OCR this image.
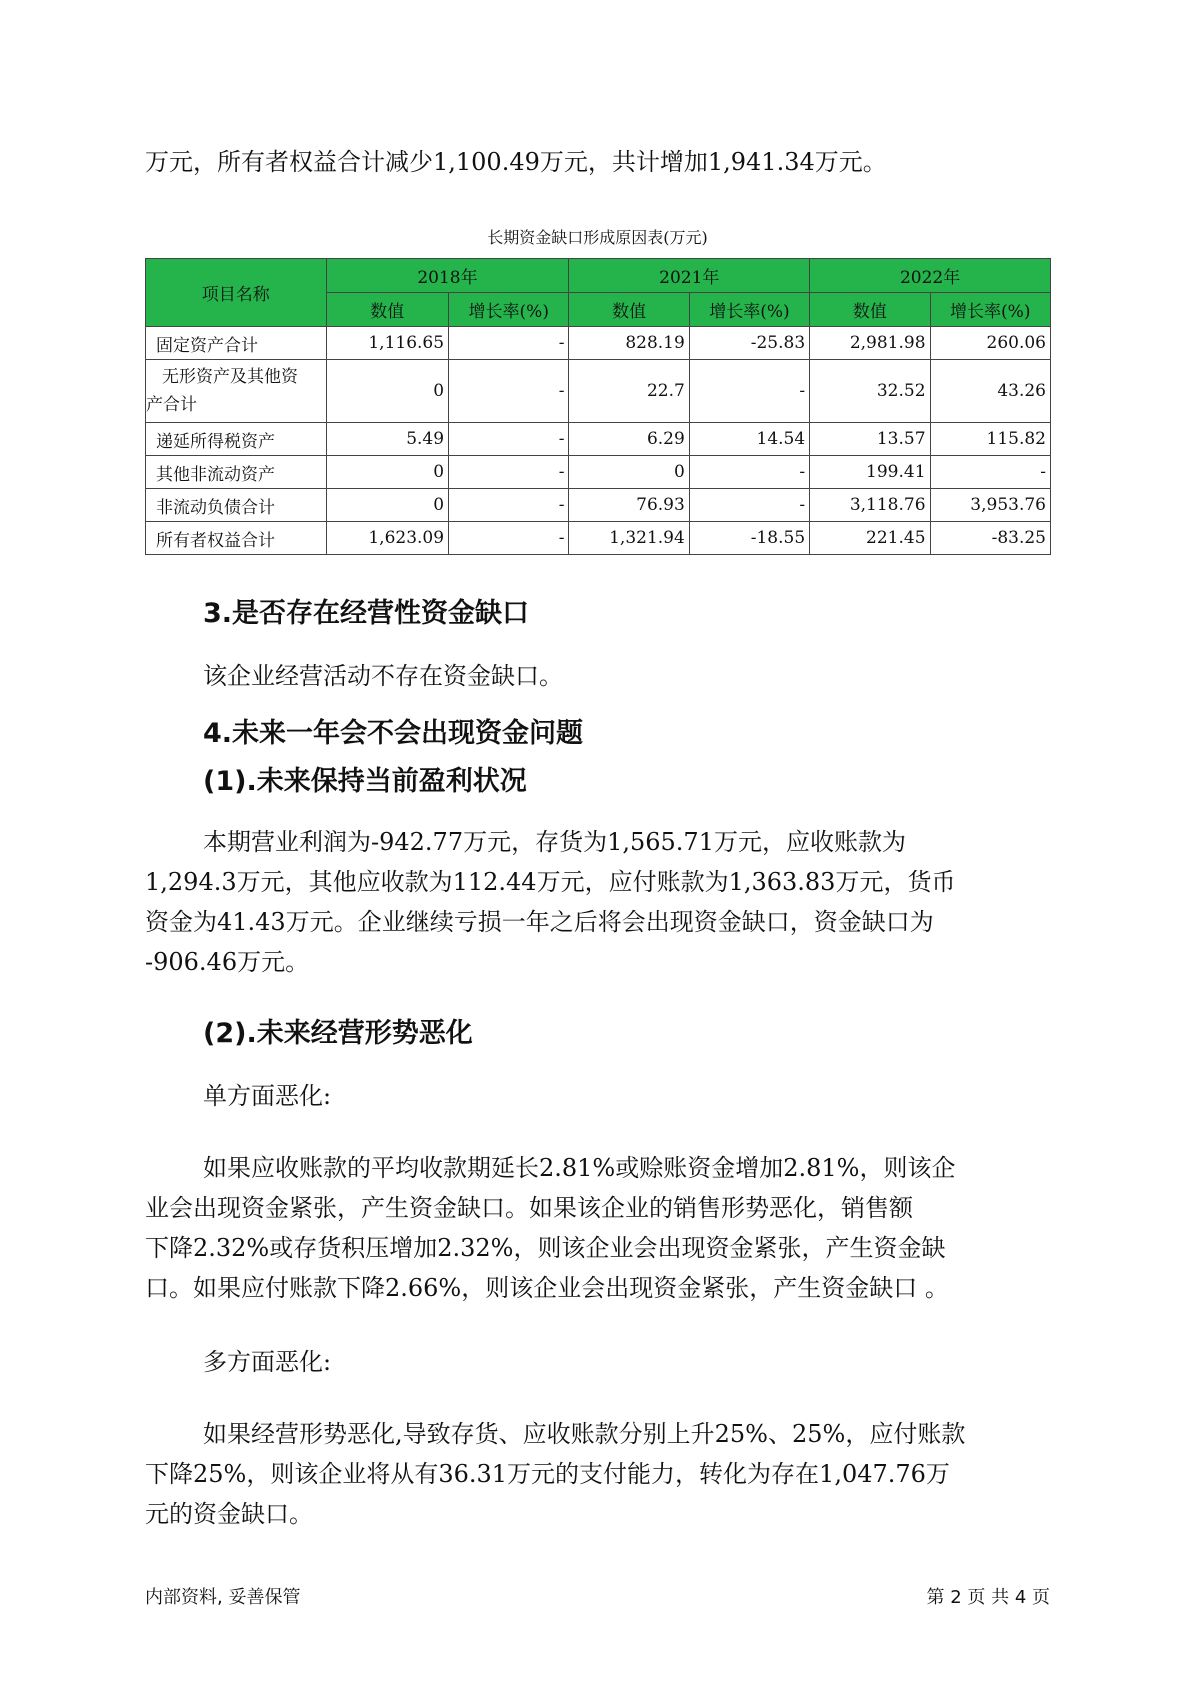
万元，所有者权益合计减少1,100.49万元，共计增加1,941.34万元。
长期资金缺口形成原因表(万元)
项目名称	2018年		2021年		2022年	
	数值	增长率(%)	数值	增长率(%)	数值	增长率(%)
固定资产合计	1,116.65	-	828.19	-25.83	2,981.98	260.06
无形资产及其他资
产合计	0	-	22.7	-	32.52	43.26
递延所得税资产	5.49	-	6.29	14.54	13.57	115.82
其他非流动资产	0	-	0	-	199.41	-
非流动负债合计	0	-	76.93	-	3,118.76	3,953.76
所有者权益合计	1,623.09	-	1,321.94	-18.55	221.45	-83.25
3.是否存在经营性资金缺口
该企业经营活动不存在资金缺口。
4.未来一年会不会出现资金问题
(1).未来保持当前盈利状况
本期营业利润为-942.77万元，存货为1,565.71万元，应收账款为
1,294.3万元，其他应收款为112.44万元，应付账款为1,363.83万元，货币
资金为41.43万元。企业继续亏损一年之后将会出现资金缺口，资金缺口为
-906.46万元。
(2).未来经营形势恶化
单方面恶化:
如果应收账款的平均收款期延长2.81%或赊账资金增加2.81%，则该企
业会出现资金紧张，产生资金缺口。如果该企业的销售形势恶化，销售额
下降2.32%或存货积压增加2.32%，则该企业会出现资金紧张，产生资金缺
口。如果应付账款下降2.66%，则该企业会出现资金紧张，产生资金缺口 。
多方面恶化:
如果经营形势恶化,导致存货、应收账款分别上升25%、25%，应付账款
下降25%，则该企业将从有36.31万元的支付能力，转化为存在1,047.76万
元的资金缺口。
内部资料, 妥善保管	第 2 页 共 4 页
